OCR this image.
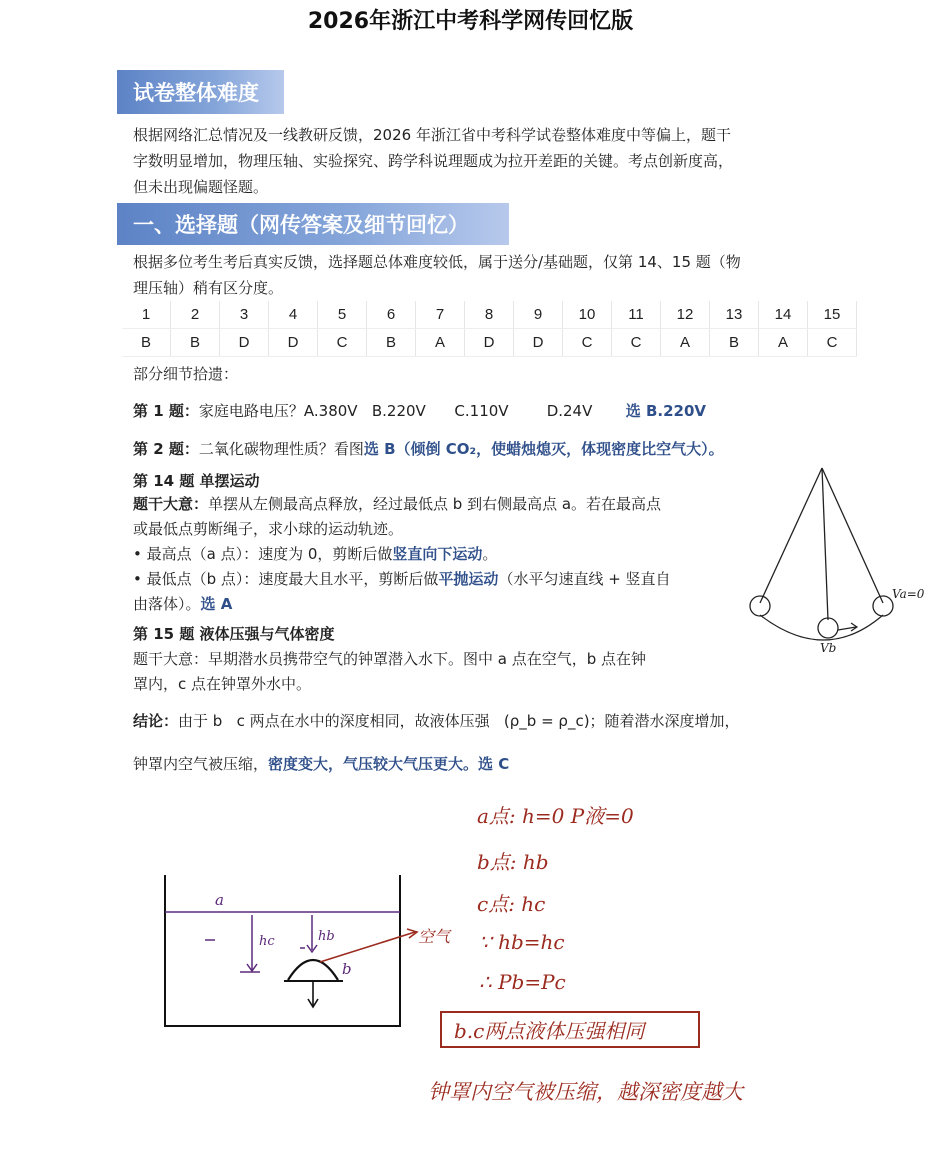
2026年浙江中考科学网传回忆版
试卷整体难度
根据网络汇总情况及一线教研反馈，2026 年浙江省中考科学试卷整体难度中等偏上，题干
字数明显增加，物理压轴、实验探究、跨学科说理题成为拉开差距的关键。考点创新度高，
但未出现偏题怪题。
一、选择题（网传答案及细节回忆）
根据多位考生考后真实反馈，选择题总体难度较低，属于送分/基础题，仅第 14、15 题（物
理压轴）稍有区分度。
1	2	3	4	5	6	7	8	9	10	11	12	13	14	15
B	B	D	D	C	B	A	D	D	C	C	A	B	A	C
部分细节拾遗：
第 1 题：家庭电路电压？A.380V   B.220V      C.110V        D.24V 选 B.220V
第 2 题：二氧化碳物理性质？看图选 B（倾倒 CO₂，使蜡烛熄灭，体现密度比空气大）。
第 14 题 单摆运动
题干大意：单摆从左侧最高点释放，经过最低点 b 到右侧最高点 a。若在最高点
或最低点剪断绳子，求小球的运动轨迹。
• 最高点（a 点）：速度为 0，剪断后做竖直向下运动。
• 最低点（b 点）：速度最大且水平，剪断后做平抛运动（水平匀速直线 + 竖直自
由落体）。选 A
Va=0
Vb
第 15 题 液体压强与气体密度
题干大意：早期潜水员携带空气的钟罩潜入水下。图中 a 点在空气，b 点在钟
罩内，c 点在钟罩外水中。
结论：由于 b   c 两点在水中的深度相同，故液体压强   (ρ_b = ρ_c)；随着潜水深度增加，
钟罩内空气被压缩，密度变大，气压较大气压更大。选 C
a点: h=0 P液=0
b点: hb
c点: hc
∵ hb=hc
∴ Pb=Pc
b.c两点液体压强相同
钟罩内空气被压缩，越深密度越大
a
hc	hb
b
空气
